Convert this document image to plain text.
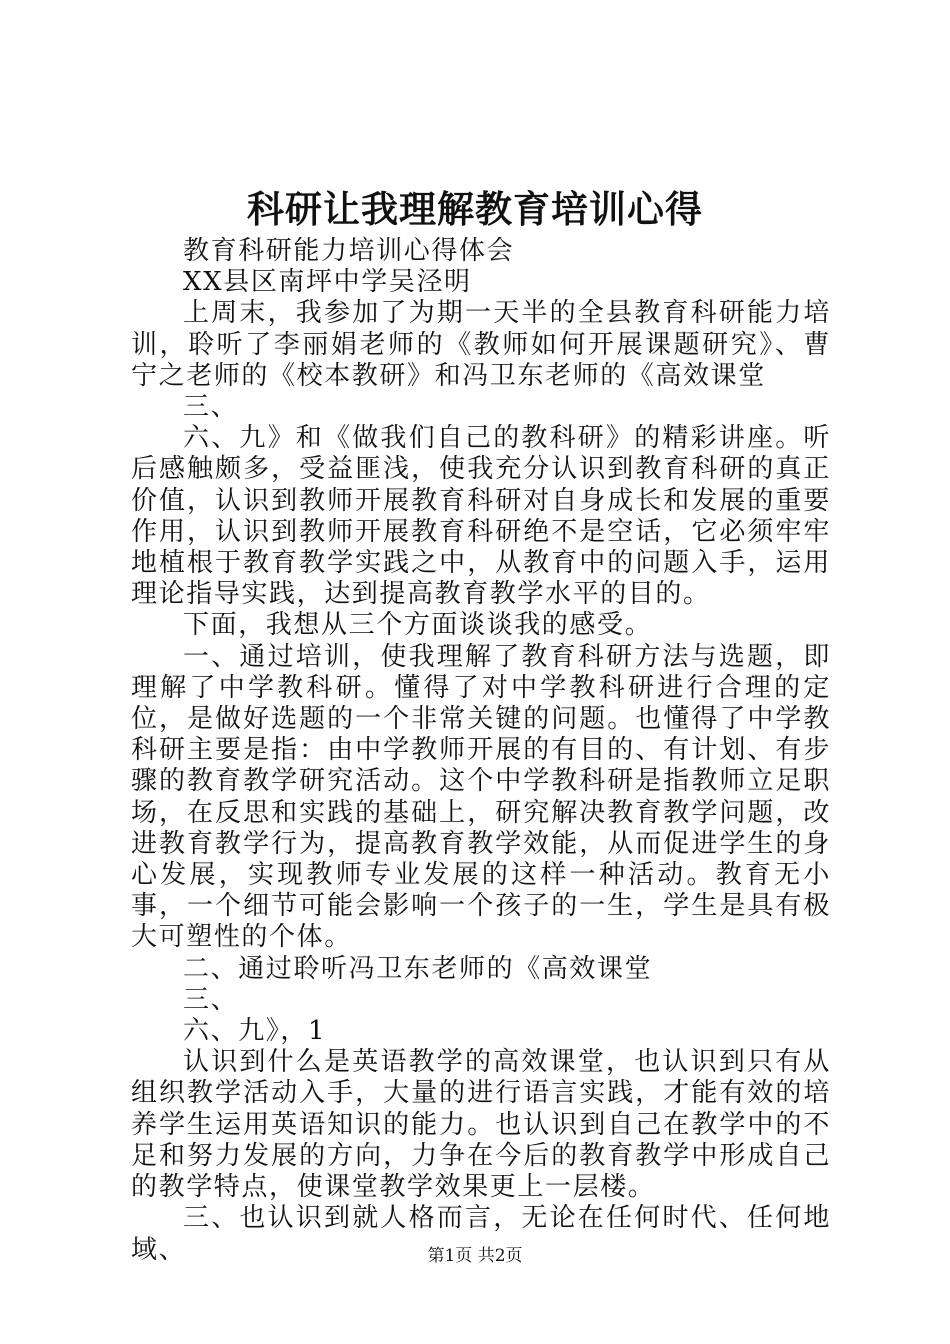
科研让我理解教育培训心得

教育科研能力培训心得体会

XX县区南坪中学吴泾明

上周末，我参加了为期一天半的全县教育科研能力培训，聆听了李丽娟老师的《教师如何开展课题研究》、曹宁之老师的《校本教研》和冯卫东老师的《高效课堂

三、

六、九》和《做我们自己的教科研》的精彩讲座。听后感触颇多，受益匪浅，使我充分认识到教育科研的真正价值，认识到教师开展教育科研对自身成长和发展的重要作用，认识到教师开展教育科研绝不是空话，它必须牢牢地植根于教育教学实践之中，从教育中的问题入手，运用理论指导实践，达到提高教育教学水平的目的。

下面，我想从三个方面谈谈我的感受。

一、通过培训，使我理解了教育科研方法与选题，即理解了中学教科研。懂得了对中学教科研进行合理的定位，是做好选题的一个非常关键的问题。也懂得了中学教科研主要是指：由中学教师开展的有目的、有计划、有步骤的教育教学研究活动。这个中学教科研是指教师立足职场，在反思和实践的基础上，研究解决教育教学问题，改进教育教学行为，提高教育教学效能，从而促进学生的身心发展，实现教师专业发展的这样一种活动。教育无小事，一个细节可能会影响一个孩子的一生，学生是具有极大可塑性的个体。

二、通过聆听冯卫东老师的《高效课堂

三、

六、九》，1

认识到什么是英语教学的高效课堂，也认识到只有从组织教学活动入手，大量的进行语言实践，才能有效的培养学生运用英语知识的能力。也认识到自己在教学中的不足和努力发展的方向，力争在今后的教育教学中形成自己的教学特点，使课堂教学效果更上一层楼。

三、也认识到就人格而言，无论在任何时代、任何地域、	第1页 共2页
